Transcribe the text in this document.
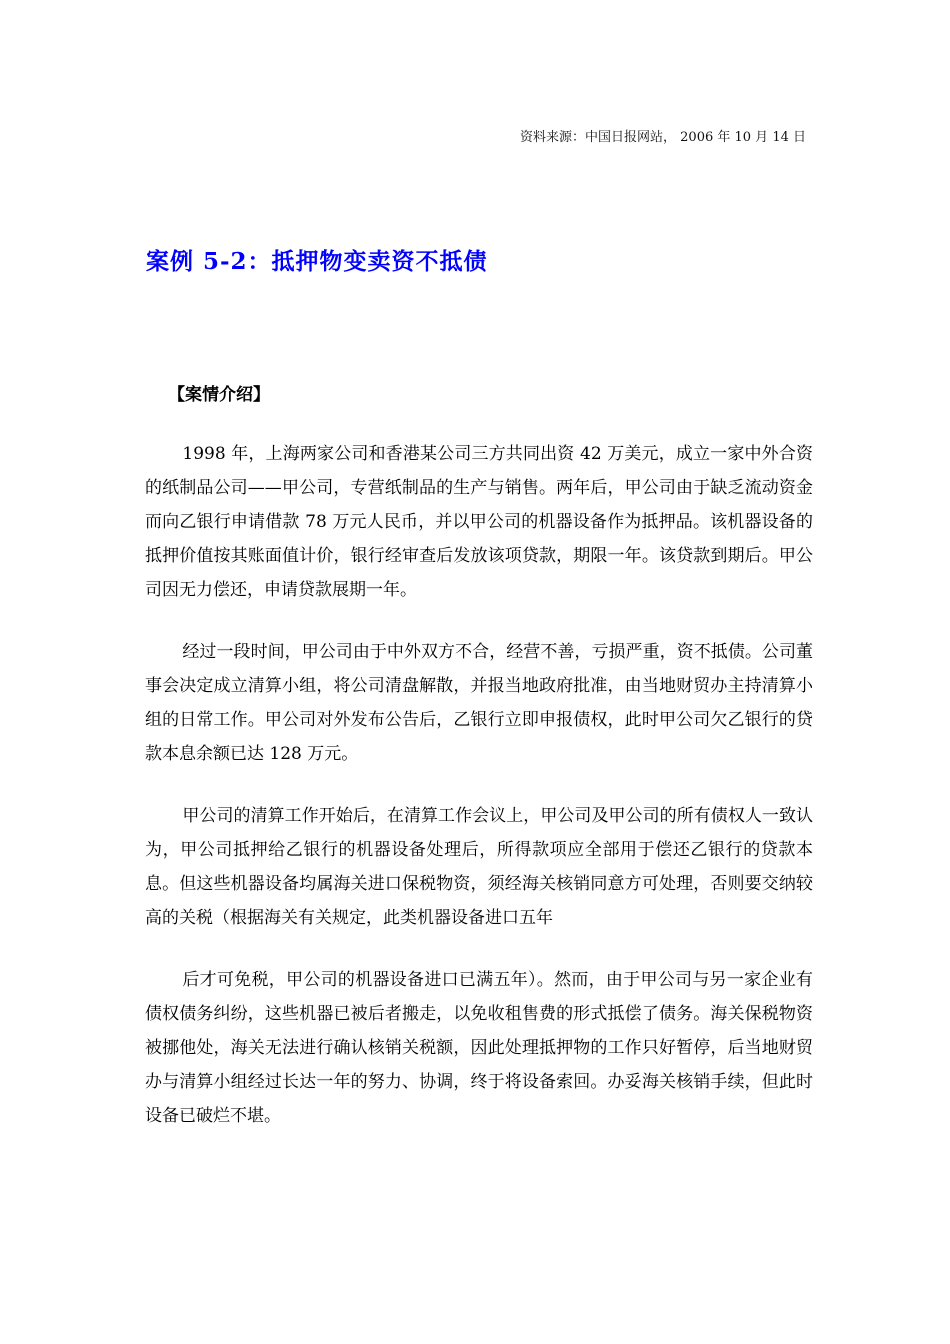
资料来源：中国日报网站， 2006 年 10 月 14 日
案例 5-2：抵押物变卖资不抵债
【案情介绍】

1998 年，上海两家公司和香港某公司三方共同出资 42 万美元，成立一家中外合资的纸制品公司——甲公司，专营纸制品的生产与销售。两年后，甲公司由于缺乏流动资金而向乙银行申请借款 78 万元人民币，并以甲公司的机器设备作为抵押品。该机器设备的抵押价值按其账面值计价，银行经审查后发放该项贷款，期限一年。该贷款到期后。甲公司因无力偿还，申请贷款展期一年。

经过一段时间，甲公司由于中外双方不合，经营不善，亏损严重，资不抵债。公司董事会决定成立清算小组，将公司清盘解散，并报当地政府批准，由当地财贸办主持清算小组的日常工作。甲公司对外发布公告后，乙银行立即申报债权，此时甲公司欠乙银行的贷款本息余额已达 128 万元。

甲公司的清算工作开始后，在清算工作会议上，甲公司及甲公司的所有债权人一致认为，甲公司抵押给乙银行的机器设备处理后，所得款项应全部用于偿还乙银行的贷款本息。但这些机器设备均属海关进口保税物资，须经海关核销同意方可处理，否则要交纳较高的关税（根据海关有关规定，此类机器设备进口五年

后才可免税，甲公司的机器设备进口已满五年）。然而，由于甲公司与另一家企业有债权债务纠纷，这些机器已被后者搬走，以免收租售费的形式抵偿了债务。海关保税物资被挪他处，海关无法进行确认核销关税额，因此处理抵押物的工作只好暂停，后当地财贸办与清算小组经过长达一年的努力、协调，终于将设备索回。办妥海关核销手续，但此时设备已破烂不堪。
